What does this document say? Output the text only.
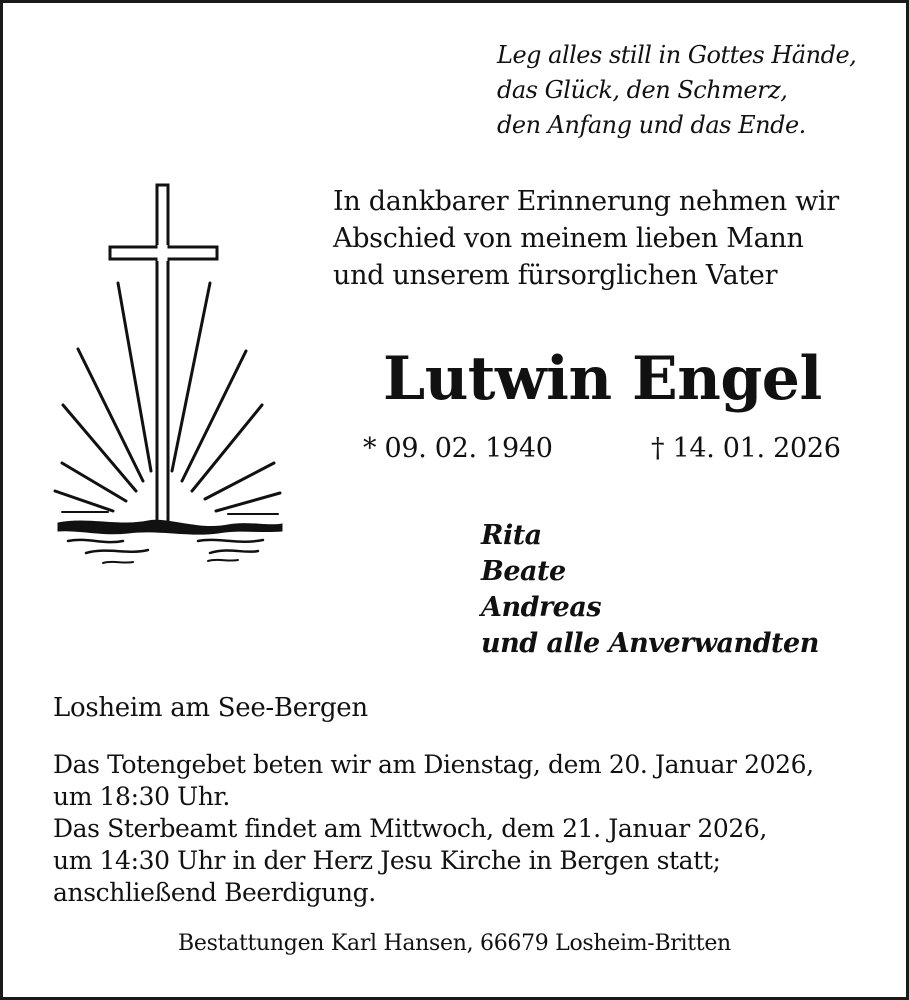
Leg alles still in Gottes Hände,
das Glück, den Schmerz,
den Anfang und das Ende.
In dankbarer Erinnerung nehmen wir
Abschied von meinem lieben Mann
und unserem fürsorglichen Vater
Lutwin Engel
* 09. 02. 1940	† 14. 01. 2026
Rita
Beate
Andreas
und alle Anverwandten
Losheim am See-Bergen
Das Totengebet beten wir am Dienstag, dem 20. Januar 2026,
um 18:30 Uhr.
Das Sterbeamt findet am Mittwoch, dem 21. Januar 2026,
um 14:30 Uhr in der Herz Jesu Kirche in Bergen statt;
anschließend Beerdigung.
Bestattungen Karl Hansen, 66679 Losheim-Britten
